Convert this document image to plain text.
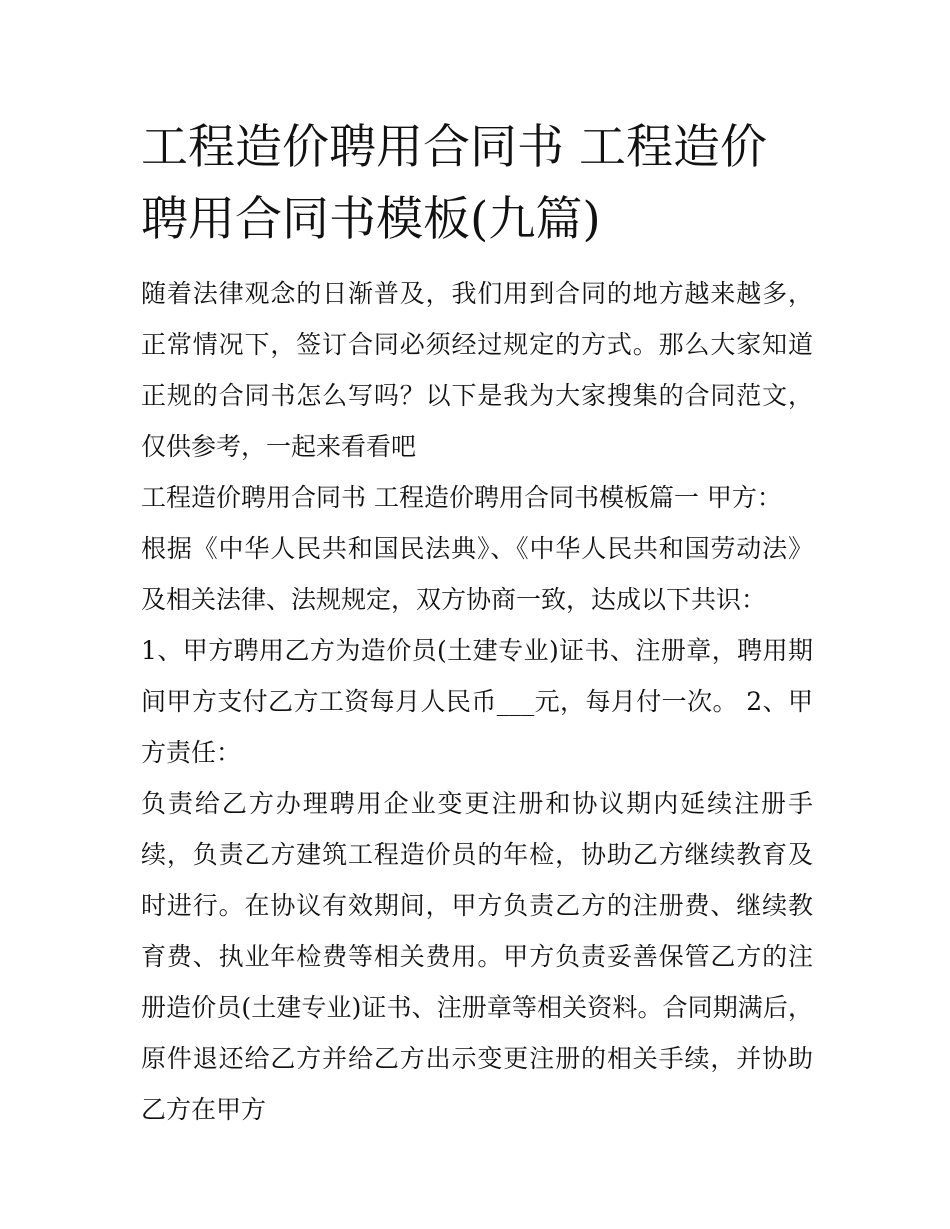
工程造价聘用合同书 工程造价聘用合同书模板(九篇)

随着法律观念的日渐普及，我们用到合同的地方越来越多，正常情况下，签订合同必须经过规定的方式。那么大家知道正规的合同书怎么写吗？以下是我为大家搜集的合同范文，仅供参考，一起来看看吧

工程造价聘用合同书 工程造价聘用合同书模板篇一 甲方：

根据《中华人民共和国民法典》、《中华人民共和国劳动法》及相关法律、法规规定，双方协商一致，达成以下共识：

1、甲方聘用乙方为造价员(土建专业)证书、注册章，聘用期间甲方支付乙方工资每月人民币___元，每月付一次。 2、甲方责任：

负责给乙方办理聘用企业变更注册和协议期内延续注册手续，负责乙方建筑工程造价员的年检，协助乙方继续教育及时进行。在协议有效期间，甲方负责乙方的注册费、继续教育费、执业年检费等相关费用。甲方负责妥善保管乙方的注册造价员(土建专业)证书、注册章等相关资料。合同期满后，原件退还给乙方并给乙方出示变更注册的相关手续，并协助乙方在甲方
